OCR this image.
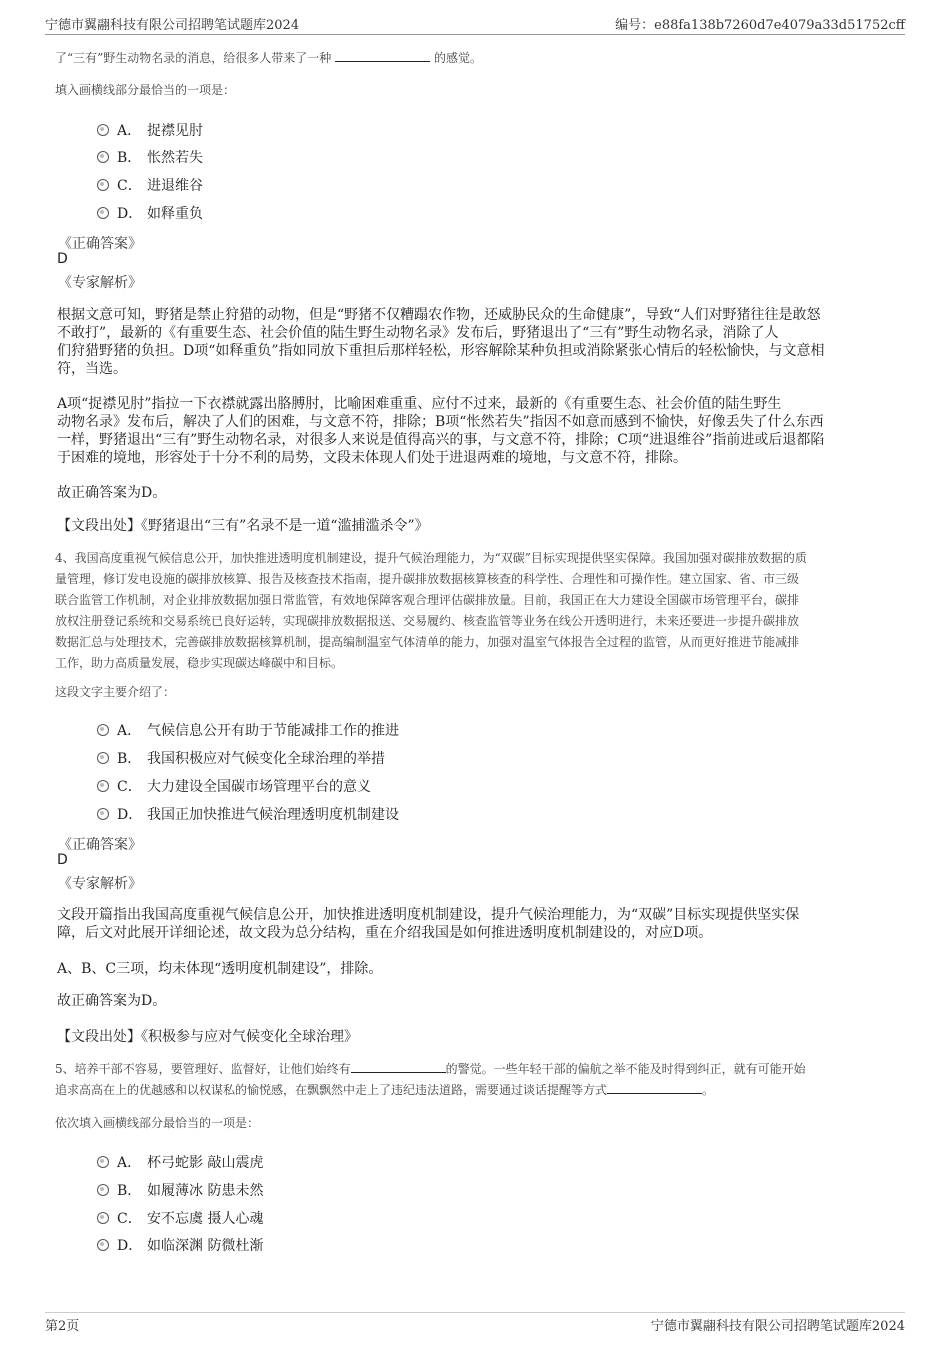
宁德市翼翮科技有限公司招聘笔试题库2024	编号：e88fa138b7260d7e4079a33d51752cff
了“三有”野生动物名录的消息，给很多人带来了一种	的感觉。
填入画横线部分最恰当的一项是：
A． 捉襟见肘
B． 怅然若失
C． 进退维谷
D． 如释重负
《正确答案》
D
《专家解析》
根据文意可知，野猪是禁止狩猎的动物，但是“野猪不仅糟蹋农作物，还威胁民众的生命健康”，导致“人们对野猪往往是敢怒
不敢打”，最新的《有重要生态、社会价值的陆生野生动物名录》发布后，野猪退出了“三有”野生动物名录，消除了人
们狩猎野猪的负担。D项“如释重负”指如同放下重担后那样轻松，形容解除某种负担或消除紧张心情后的轻松愉快，与文意相
符，当选。
A项“捉襟见肘”指拉一下衣襟就露出胳膊肘，比喻困难重重、应付不过来，最新的《有重要生态、社会价值的陆生野生
动物名录》发布后，解决了人们的困难，与文意不符，排除；B项“怅然若失”指因不如意而感到不愉快，好像丢失了什么东西
一样，野猪退出“三有”野生动物名录，对很多人来说是值得高兴的事，与文意不符，排除；C项“进退维谷”指前进或后退都陷
于困难的境地，形容处于十分不利的局势，文段未体现人们处于进退两难的境地，与文意不符，排除。
故正确答案为D。
【文段出处】《野猪退出“三有”名录不是一道“滥捕滥杀令”》
4、我国高度重视气候信息公开，加快推进透明度机制建设，提升气候治理能力，为“双碳”目标实现提供坚实保障。我国加强对碳排放数据的质
量管理，修订发电设施的碳排放核算、报告及核查技术指南，提升碳排放数据核算核查的科学性、合理性和可操作性。建立国家、省、市三级
联合监管工作机制，对企业排放数据加强日常监管，有效地保障客观合理评估碳排放量。目前，我国正在大力建设全国碳市场管理平台，碳排
放权注册登记系统和交易系统已良好运转，实现碳排放数据报送、交易履约、核查监管等业务在线公开透明进行，未来还要进一步提升碳排放
数据汇总与处理技术，完善碳排放数据核算机制，提高编制温室气体清单的能力，加强对温室气体报告全过程的监管，从而更好推进节能减排
工作，助力高质量发展，稳步实现碳达峰碳中和目标。
这段文字主要介绍了：
A． 气候信息公开有助于节能减排工作的推进
B． 我国积极应对气候变化全球治理的举措
C． 大力建设全国碳市场管理平台的意义
D． 我国正加快推进气候治理透明度机制建设
《正确答案》
D
《专家解析》
文段开篇指出我国高度重视气候信息公开，加快推进透明度机制建设，提升气候治理能力，为“双碳”目标实现提供坚实保
障，后文对此展开详细论述，故文段为总分结构，重在介绍我国是如何推进透明度机制建设的，对应D项。
A、B、C三项，均未体现“透明度机制建设”，排除。
故正确答案为D。
【文段出处】《积极参与应对气候变化全球治理》
5、培养干部不容易，要管理好、监督好，让他们始终有	的警觉。一些年轻干部的偏航之举不能及时得到纠正，就有可能开始
追求高高在上的优越感和以权谋私的愉悦感，在飘飘然中走上了违纪违法道路，需要通过谈话提醒等方式	。
依次填入画横线部分最恰当的一项是：
A． 杯弓蛇影 敲山震虎
B． 如履薄冰 防患未然
C． 安不忘虞 摄人心魂
D． 如临深渊 防微杜渐
第2页	宁德市翼翮科技有限公司招聘笔试题库2024
